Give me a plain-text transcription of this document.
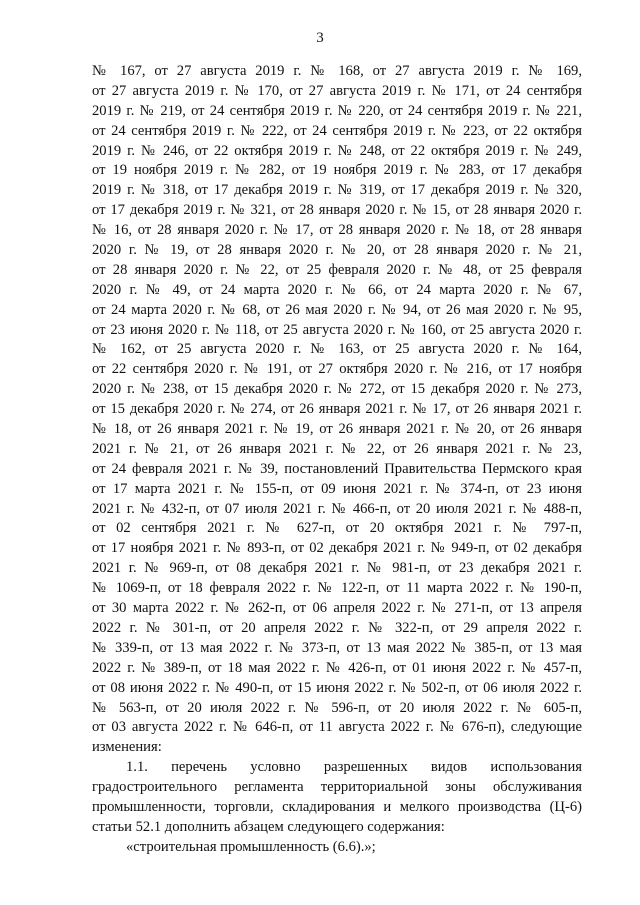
3
№ 167, от 27 августа 2019 г. № 168, от 27 августа 2019 г. № 169,
от 27 августа 2019 г. № 170, от 27 августа 2019 г. № 171, от 24 сентября
2019 г. № 219, от 24 сентября 2019 г. № 220, от 24 сентября 2019 г. № 221,
от 24 сентября 2019 г. № 222, от 24 сентября 2019 г. № 223, от 22 октября
2019 г. № 246, от 22 октября 2019 г. № 248, от 22 октября 2019 г. № 249,
от 19 ноября 2019 г. № 282, от 19 ноября 2019 г. № 283, от 17 декабря
2019 г. № 318, от 17 декабря 2019 г. № 319, от 17 декабря 2019 г. № 320,
от 17 декабря 2019 г. № 321, от 28 января 2020 г. № 15, от 28 января 2020 г.
№ 16, от 28 января 2020 г. № 17, от 28 января 2020 г. № 18, от 28 января
2020 г. № 19, от 28 января 2020 г. № 20, от 28 января 2020 г. № 21,
от 28 января 2020 г. № 22, от 25 февраля 2020 г. № 48, от 25 февраля
2020 г. № 49, от 24 марта 2020 г. № 66, от 24 марта 2020 г. № 67,
от 24 марта 2020 г. № 68, от 26 мая 2020 г. № 94, от 26 мая 2020 г. № 95,
от 23 июня 2020 г. № 118, от 25 августа 2020 г. № 160, от 25 августа 2020 г.
№ 162, от 25 августа 2020 г. № 163, от 25 августа 2020 г. № 164,
от 22 сентября 2020 г. № 191, от 27 октября 2020 г. № 216, от 17 ноября
2020 г. № 238, от 15 декабря 2020 г. № 272, от 15 декабря 2020 г. № 273,
от 15 декабря 2020 г. № 274, от 26 января 2021 г. № 17, от 26 января 2021 г.
№ 18, от 26 января 2021 г. № 19, от 26 января 2021 г. № 20, от 26 января
2021 г. № 21, от 26 января 2021 г. № 22, от 26 января 2021 г. № 23,
от 24 февраля 2021 г. № 39, постановлений Правительства Пермского края
от 17 марта 2021 г. № 155-п, от 09 июня 2021 г. № 374-п, от 23 июня
2021 г. № 432-п, от 07 июля 2021 г. № 466-п, от 20 июля 2021 г. № 488-п,
от 02 сентября 2021 г. № 627-п, от 20 октября 2021 г. № 797-п,
от 17 ноября 2021 г. № 893-п, от 02 декабря 2021 г. № 949-п, от 02 декабря
2021 г. № 969-п, от 08 декабря 2021 г. № 981-п, от 23 декабря 2021 г.
№ 1069-п, от 18 февраля 2022 г. № 122-п, от 11 марта 2022 г. № 190-п,
от 30 марта 2022 г. № 262-п, от 06 апреля 2022 г. № 271-п, от 13 апреля
2022 г. № 301-п, от 20 апреля 2022 г. № 322-п, от 29 апреля 2022 г.
№ 339-п, от 13 мая 2022 г. № 373-п, от 13 мая 2022 № 385-п, от 13 мая
2022 г. № 389-п, от 18 мая 2022 г. № 426-п, от 01 июня 2022 г. № 457-п,
от 08 июня 2022 г. № 490-п, от 15 июня 2022 г. № 502-п, от 06 июля 2022 г.
№ 563-п, от 20 июля 2022 г. № 596-п, от 20 июля 2022 г. № 605-п,
от 03 августа 2022 г. № 646-п, от 11 августа 2022 г. № 676-п), следующие
изменения:
1.1. перечень условно разрешенных видов использования
градостроительного регламента территориальной зоны обслуживания
промышленности, торговли, складирования и мелкого производства (Ц-6)
статьи 52.1 дополнить абзацем следующего содержания:
«строительная промышленность (6.6).»;
